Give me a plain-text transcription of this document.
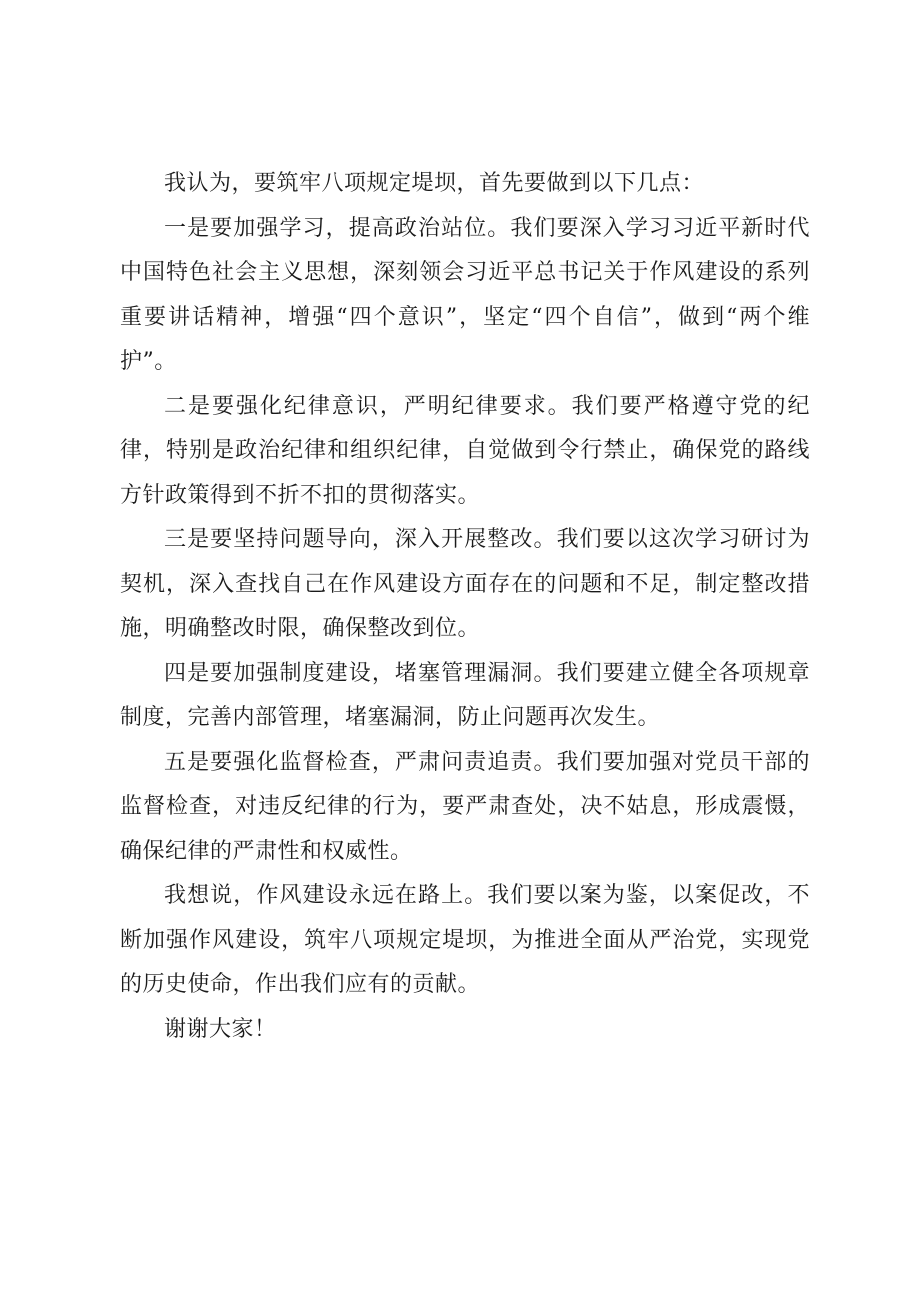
我认为，要筑牢八项规定堤坝，首先要做到以下几点：

一是要加强学习，提高政治站位。我们要深入学习习近平新时代中国特色社会主义思想，深刻领会习近平总书记关于作风建设的系列重要讲话精神，增强“四个意识”，坚定“四个自信”，做到“两个维护”。

二是要强化纪律意识，严明纪律要求。我们要严格遵守党的纪律，特别是政治纪律和组织纪律，自觉做到令行禁止，确保党的路线方针政策得到不折不扣的贯彻落实。

三是要坚持问题导向，深入开展整改。我们要以这次学习研讨为契机，深入查找自己在作风建设方面存在的问题和不足，制定整改措施，明确整改时限，确保整改到位。

四是要加强制度建设，堵塞管理漏洞。我们要建立健全各项规章制度，完善内部管理，堵塞漏洞，防止问题再次发生。

五是要强化监督检查，严肃问责追责。我们要加强对党员干部的监督检查，对违反纪律的行为，要严肃查处，决不姑息，形成震慑，确保纪律的严肃性和权威性。

我想说，作风建设永远在路上。我们要以案为鉴，以案促改，不断加强作风建设，筑牢八项规定堤坝，为推进全面从严治党，实现党的历史使命，作出我们应有的贡献。

谢谢大家！
